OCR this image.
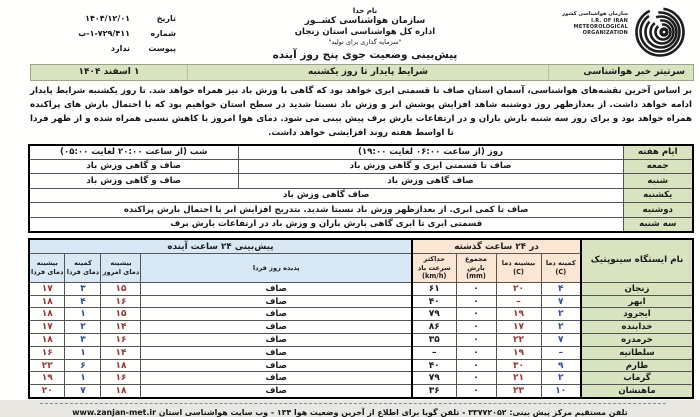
سازمان هواشناسی کشور
I.R. OF IRAN
METEOROLOGICAL
ORGANIZATION
نام خدا
سازمان هواشناسی کشــور
اداره کل هواشناسی استان زنجان
"سرمایه گذاری برای تولید"
پیش‌بینی وضعیت جوی پنج روز آینده
تاریخ
۱۴۰۴/۱۲/۰۱
شماره
۱-۷۲۹/۴۱۱-ب
پیوست
ندارد
سرتیتر خبر هواشناسی
شرایط پایدار تا روز یکشنبه
۱ اسفند ۱۴۰۴

بر اساس آخرین نقشه‌های هواشناسی، آسمان استان صاف تا قسمتی ابری خواهد بود که گاهی با وزش باد نیز همراه خواهد شد. تا روز یکشنبه شرایط پایدار ادامه خواهد داشت. از بعدازظهر روز دوشنبه شاهد افزایش پوشش ابر و وزش باد نسبتا شدید در سطح استان خواهیم بود که با احتمال بارش های پراکنده همراه خواهد بود و برای روز سه شنبه بارش باران و در ارتفاعات بارش برف پیش بینی می شود. دمای هوا امروز با کاهش نسبی همراه شده و از ظهر فردا تا اواسط هفته روند افزایشی خواهد داشت.

ایام هفته	روز (از ساعت ۰۶:۰۰ لغایت ۱۹:۰۰)	شب (از ساعت ۲۰:۰۰ لغایت ۰۵:۰۰)
جمعه	صاف تا قسمتی ابری و گاهی وزش باد	صاف و گاهی وزش باد
شنبه	صاف گاهی وزش باد	صاف و گاهی وزش باد
یکشنبه	صاف گاهی وزش باد	
دوشنبه	صاف تا کمی ابری. از بعدازظهر وزش باد نسبتا شدید. بتدریج افزایش ابر با احتمال بارش پراکنده	
سه شنبه	قسمتی ابری تا ابری گاهی بارش باران و وزش باد در ارتفاعات بارش برف	
نام ایستگاه سینوپتیک	در ۲۴ ساعت گذشته				پیش‌بینی ۲۴ ساعت آینده			
	کمینه دما (C)	بیشینه دما (C)	مجموع بارش (mm)	حداکثر سرعت باد (km/h)	پدیده روز فردا	بیشینه دمای امروز	کمینه دمای فردا	بیشینه دمای فردا
زنجان	۴	۲۰	۰	۶۱	صاف	۱۵	۳	۱۷
ابهر	۷	–	۰	۴۰	صاف	۱۶	۴	۱۸
ایجرود	۲	۱۹	۰	۷۹	صاف	۱۵	۱	۱۸
خدابنده	۲	۱۷	۰	۸۶	صاف	۱۴	۲	۱۷
خرمدره	۷	۲۲	۰	۳۵	صاف	۱۶	۳	۱۸
سلطانیه	–	۱۹	۰	–	صاف	۱۴	۱	۱۶
طارم	۹	۳۰	۰	۴۰	صاف	۱۸	۶	۲۲
گرماب	۲	۲۱	۰	۷۹	صاف	۱۶	۱	۱۹
ماهنشان	۱۰	۲۳	۰	۳۶	صاف	۱۸	۷	۲۰
تلفن مستقیم مرکز پیش بینی: ۳۳۷۷۲۰۵۲ - تلفن گویا برای اطلاع از آخرین وضعیت هوا ۱۳۴ - وب سایت هواشناسی استان www.zanjan-met.ir
